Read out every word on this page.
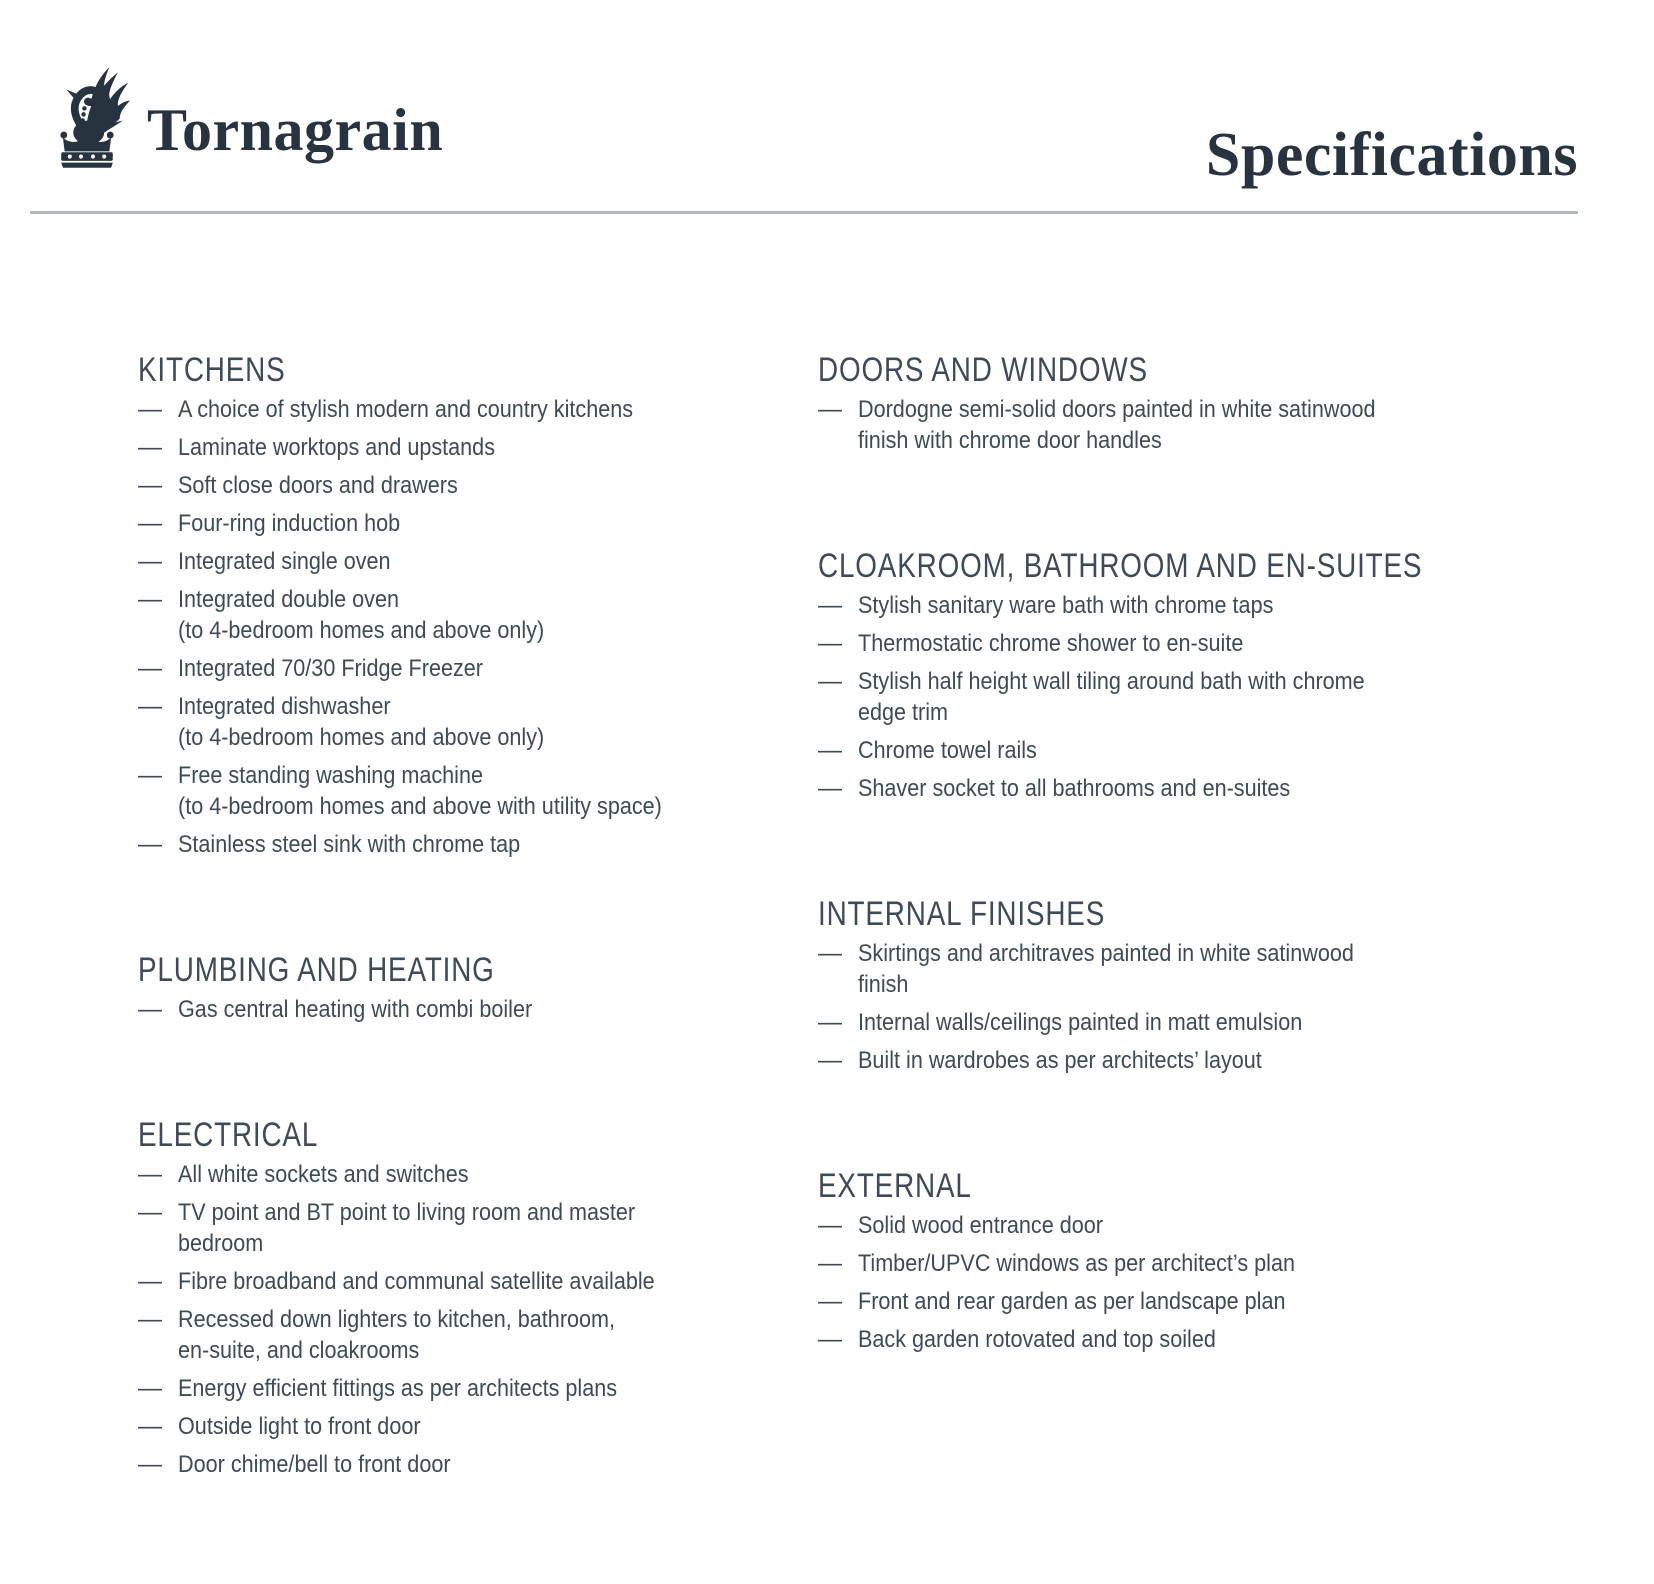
Tornagrain	Specifications
KITCHENS
— A choice of stylish modern and country kitchens
— Laminate worktops and upstands
— Soft close doors and drawers
— Four-ring induction hob
— Integrated single oven
— Integrated double oven
(to 4-bedroom homes and above only)
— Integrated 70/30 Fridge Freezer
— Integrated dishwasher
(to 4-bedroom homes and above only)
— Free standing washing machine
(to 4-bedroom homes and above with utility space)
— Stainless steel sink with chrome tap
PLUMBING AND HEATING
— Gas central heating with combi boiler
ELECTRICAL
— All white sockets and switches
— TV point and BT point to living room and master
bedroom
— Fibre broadband and communal satellite available
— Recessed down lighters to kitchen, bathroom,
en-suite, and cloakrooms
— Energy efficient fittings as per architects plans
— Outside light to front door
— Door chime/bell to front door
DOORS AND WINDOWS
— Dordogne semi-solid doors painted in white satinwood
finish with chrome door handles
CLOAKROOM, BATHROOM AND EN-SUITES
— Stylish sanitary ware bath with chrome taps
— Thermostatic chrome shower to en-suite
— Stylish half height wall tiling around bath with chrome
edge trim
— Chrome towel rails
— Shaver socket to all bathrooms and en-suites
INTERNAL FINISHES
— Skirtings and architraves painted in white satinwood
finish
— Internal walls/ceilings painted in matt emulsion
— Built in wardrobes as per architects’ layout
EXTERNAL
— Solid wood entrance door
— Timber/UPVC windows as per architect’s plan
— Front and rear garden as per landscape plan
— Back garden rotovated and top soiled
